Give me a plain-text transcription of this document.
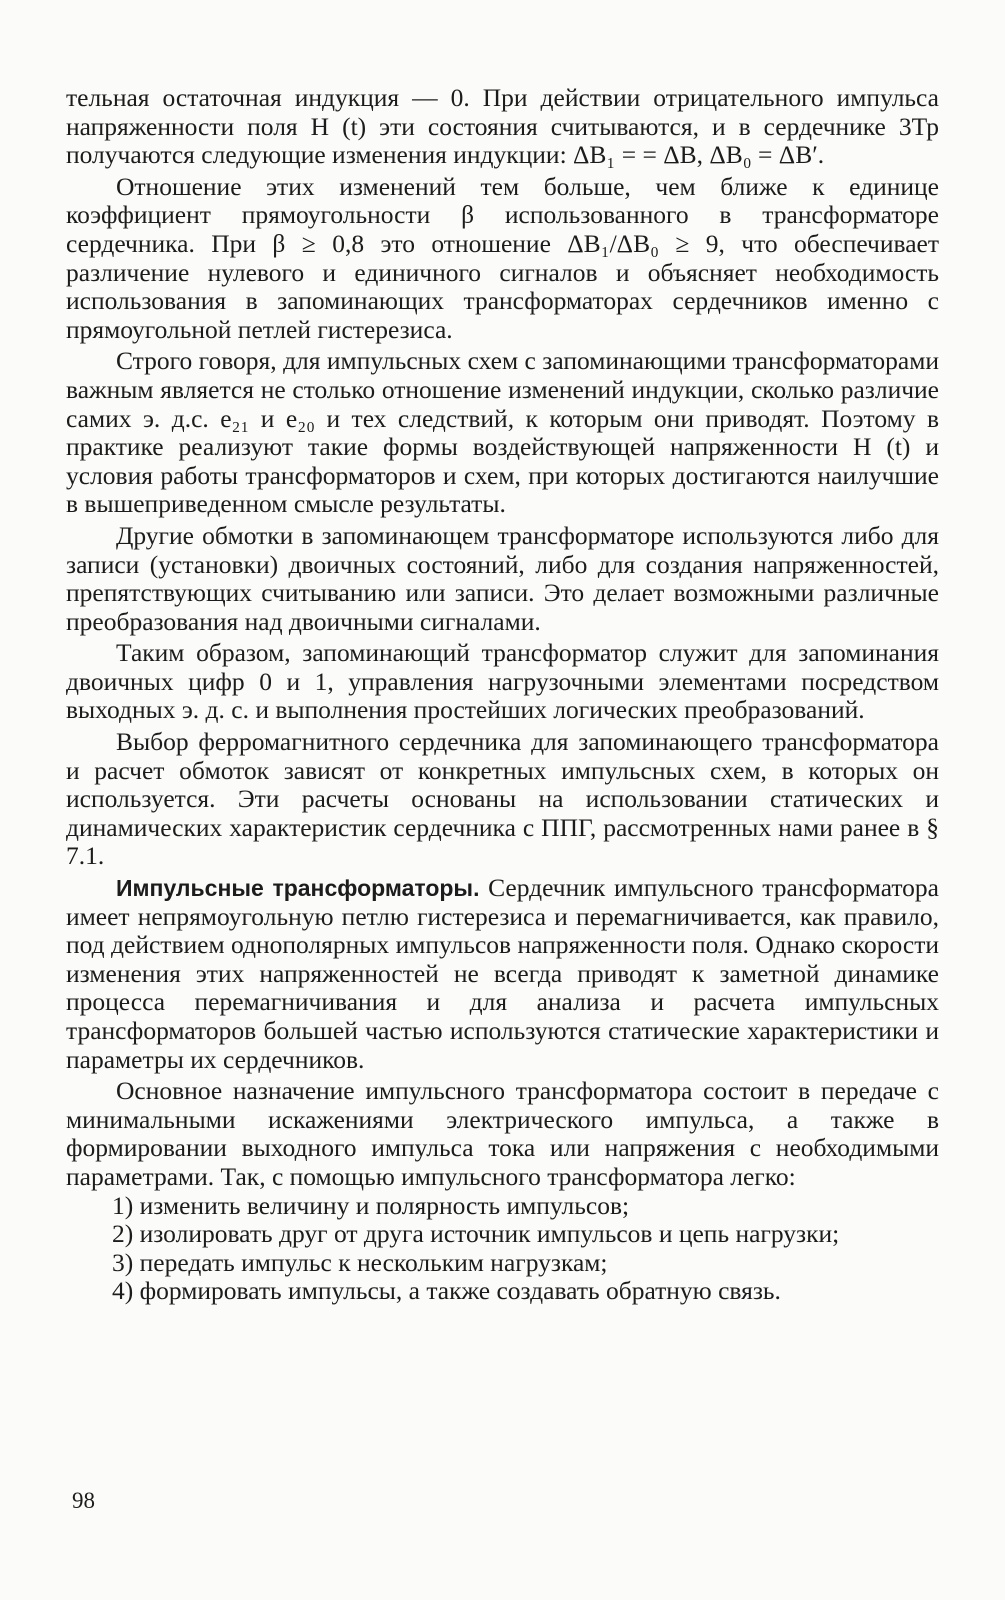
тельная остаточная индукция — 0. При действии отрицательного импульса напряженности поля H (t) эти состояния считываются, и в сердечнике 3Тр получаются следующие изменения индукции: ΔB₁ = = ΔB, ΔB₀ = ΔB′.

Отношение этих изменений тем больше, чем ближе к единице коэффициент прямоугольности β использованного в трансформаторе сердечника. При β ≥ 0,8 это отношение ΔB₁/ΔB₀ ≥ 9, что обеспечивает различение нулевого и единичного сигналов и объясняет необходимость использования в запоминающих трансформаторах сердечников именно с прямоугольной петлей гистерезиса.

Строго говоря, для импульсных схем с запоминающими трансформаторами важным является не столько отношение изменений индукции, сколько различие самих э. д.с. e₂₁ и e₂₀ и тех следствий, к которым они приводят. Поэтому в практике реализуют такие формы воздействующей напряженности H (t) и условия работы трансформаторов и схем, при которых достигаются наилучшие в вышеприведенном смысле результаты.

Другие обмотки в запоминающем трансформаторе используются либо для записи (установки) двоичных состояний, либо для создания напряженностей, препятствующих считыванию или записи. Это делает возможными различные преобразования над двоичными сигналами.

Таким образом, запоминающий трансформатор служит для запоминания двоичных цифр 0 и 1, управления нагрузочными элементами посредством выходных э. д. с. и выполнения простейших логических преобразований.

Выбор ферромагнитного сердечника для запоминающего трансформатора и расчет обмоток зависят от конкретных импульсных схем, в которых он используется. Эти расчеты основаны на использовании статических и динамических характеристик сердечника с ППГ, рассмотренных нами ранее в § 7.1.

Импульсные трансформаторы. Сердечник импульсного трансформатора имеет непрямоугольную петлю гистерезиса и перемагничивается, как правило, под действием однополярных импульсов напряженности поля. Однако скорости изменения этих напряженностей не всегда приводят к заметной динамике процесса перемагничивания и для анализа и расчета импульсных трансформаторов большей частью используются статические характеристики и параметры их сердечников.

Основное назначение импульсного трансформатора состоит в передаче с минимальными искажениями электрического импульса, а также в формировании выходного импульса тока или напряжения с необходимыми параметрами. Так, с помощью импульсного трансформатора легко:

1) изменить величину и полярность импульсов;
2) изолировать друг от друга источник импульсов и цепь нагрузки;
3) передать импульс к нескольким нагрузкам;
4) формировать импульсы, а также создавать обратную связь.
98
